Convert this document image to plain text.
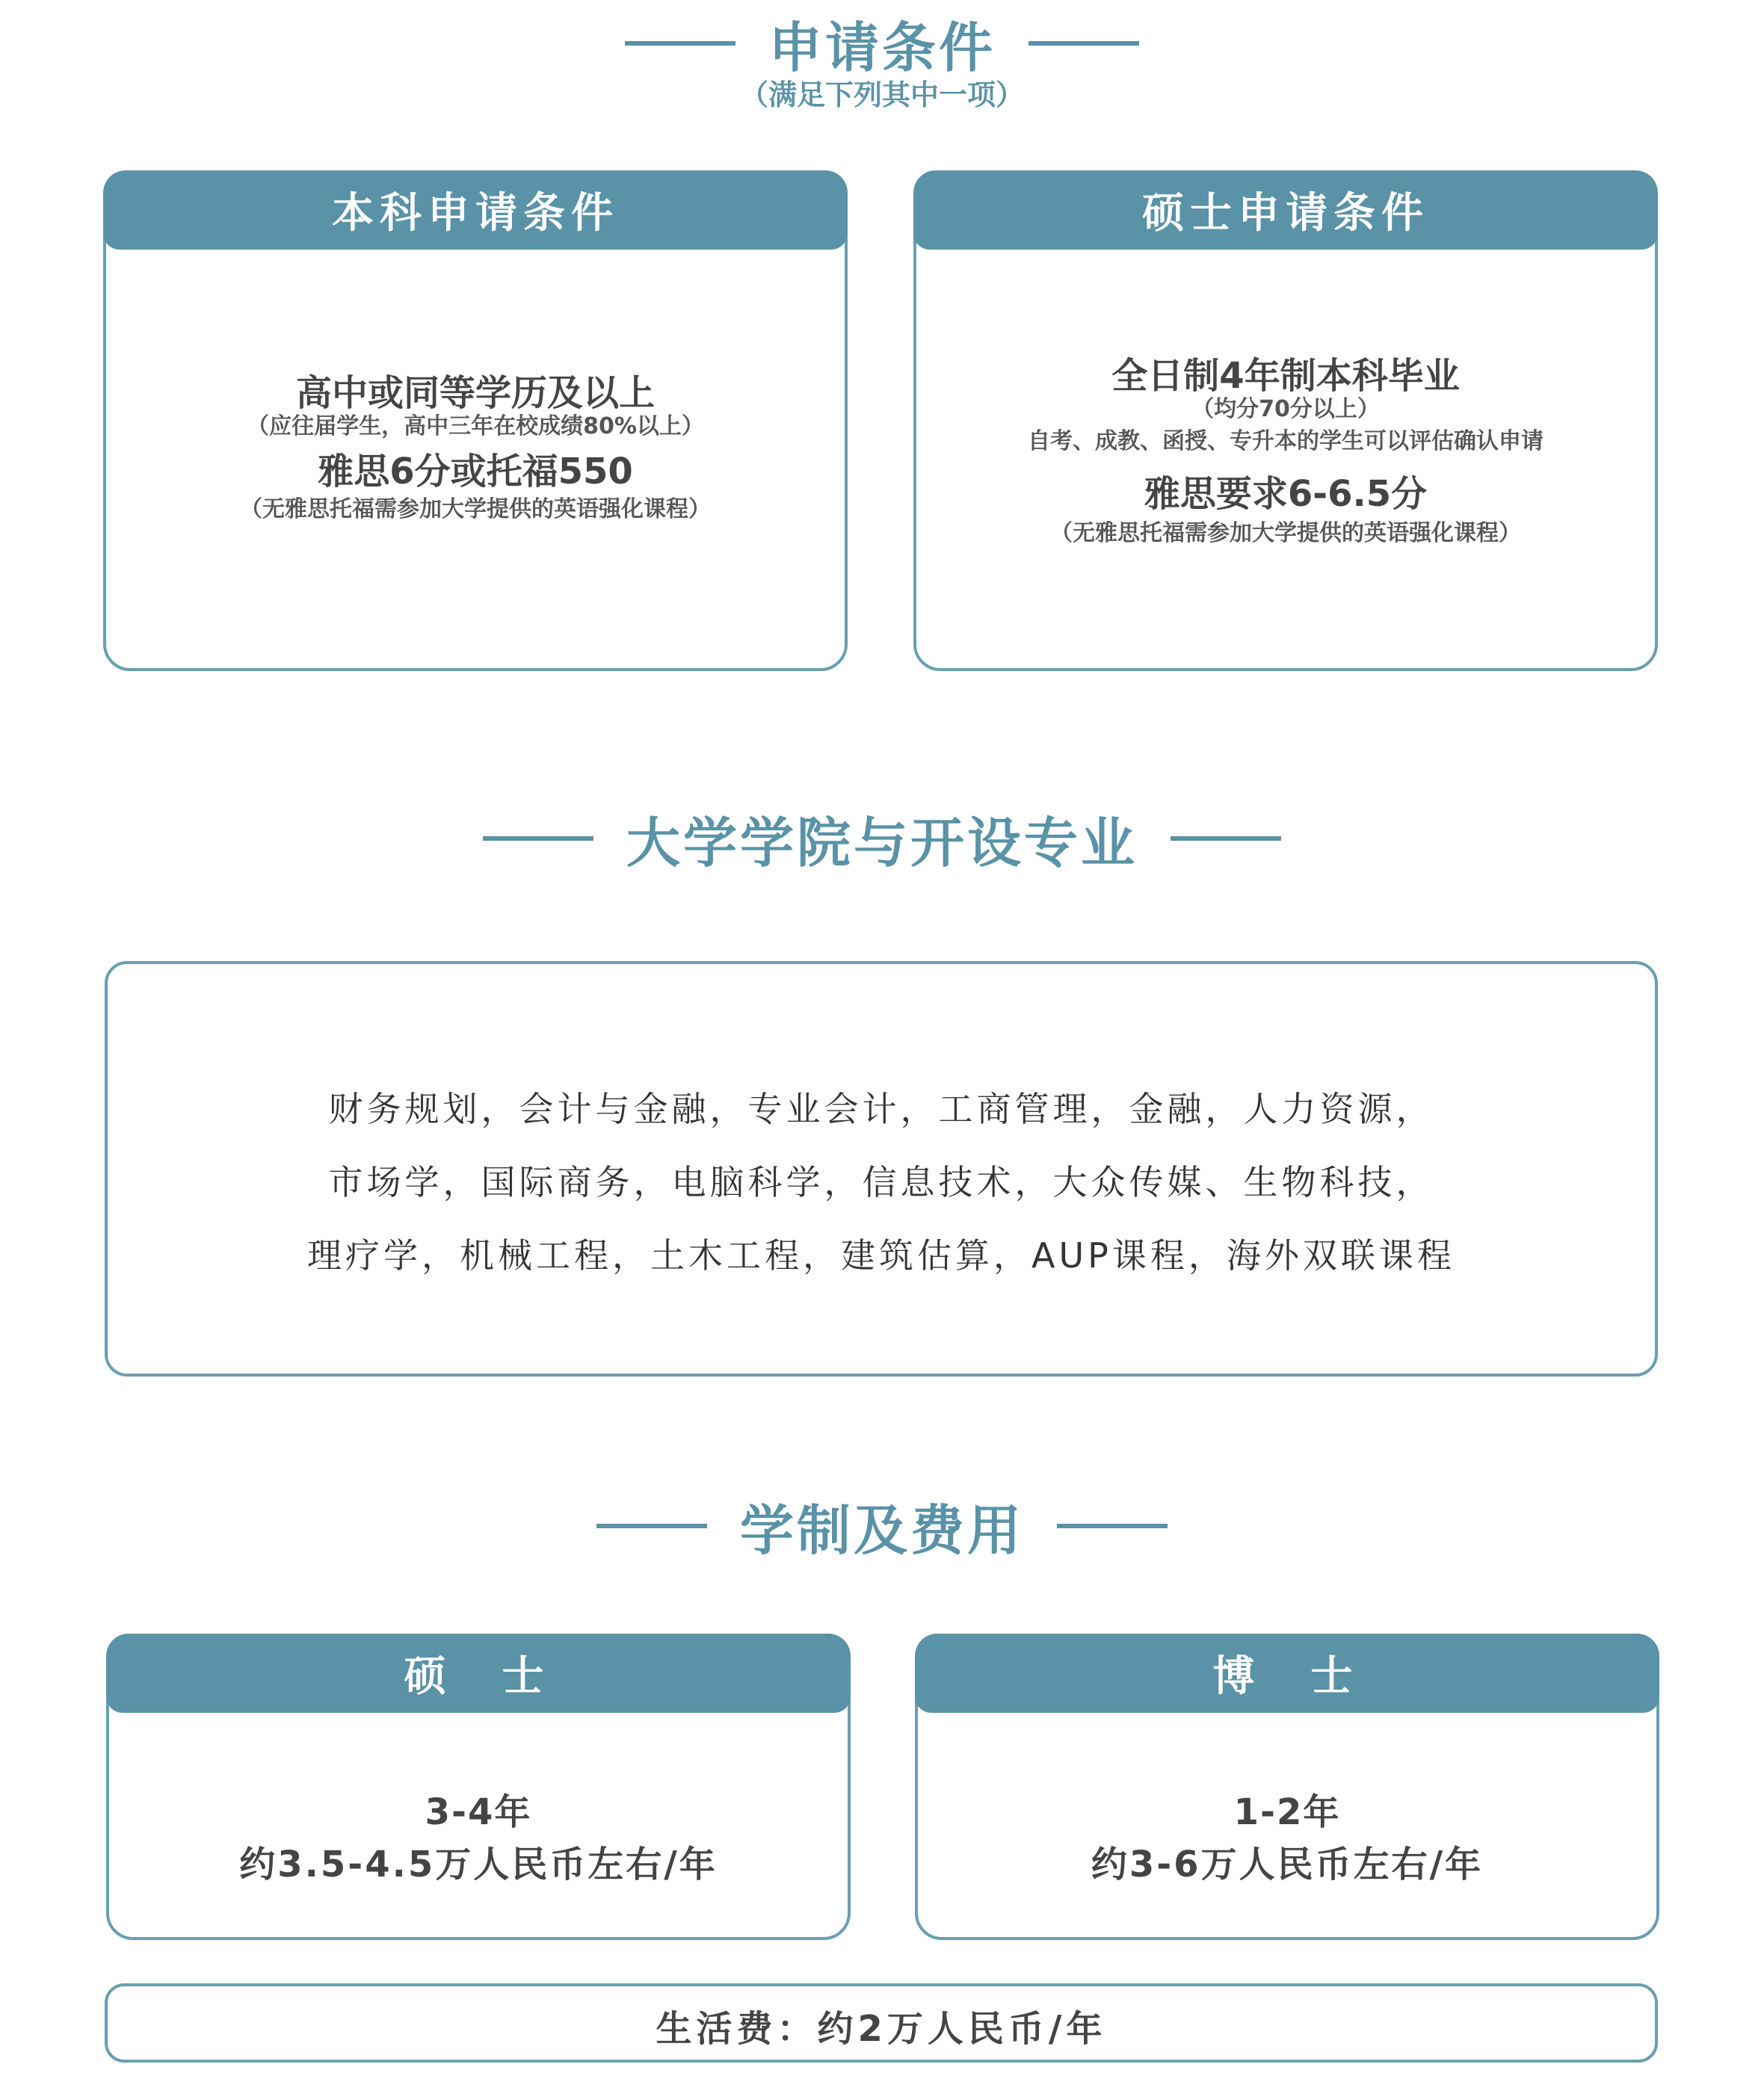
申请条件
（满足下列其中一项）
本科申请条件
高中或同等学历及以上
（应往届学生，高中三年在校成绩80%以上）
雅思6分或托福550
（无雅思托福需参加大学提供的英语强化课程）
硕士申请条件
全日制4年制本科毕业
（均分70分以上）
自考、成教、函授、专升本的学生可以评估确认申请
雅思要求6-6.5分
（无雅思托福需参加大学提供的英语强化课程）
大学学院与开设专业
财务规划，会计与金融，专业会计，工商管理，金融，人力资源，
市场学，国际商务，电脑科学，信息技术，大众传媒、生物科技，
理疗学，机械工程，土木工程，建筑估算，AUP课程，海外双联课程
学制及费用
硕  士
3-4年
约3.5-4.5万人民币左右/年
博  士
1-2年
约3-6万人民币左右/年
生活费：约2万人民币/年
